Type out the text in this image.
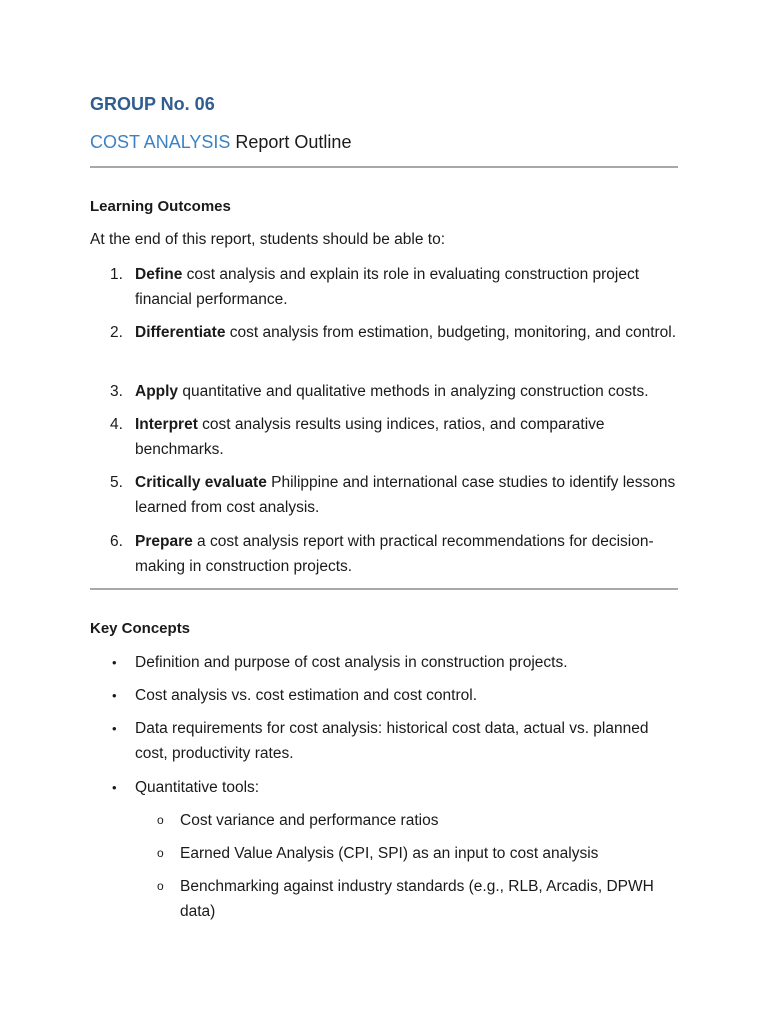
GROUP No. 06
COST ANALYSIS Report Outline
Learning Outcomes
At the end of this report, students should be able to:
1. Define cost analysis and explain its role in evaluating construction project financial performance.
2. Differentiate cost analysis from estimation, budgeting, monitoring, and control.
3. Apply quantitative and qualitative methods in analyzing construction costs.
4. Interpret cost analysis results using indices, ratios, and comparative benchmarks.
5. Critically evaluate Philippine and international case studies to identify lessons learned from cost analysis.
6. Prepare a cost analysis report with practical recommendations for decision-making in construction projects.
Key Concepts
• Definition and purpose of cost analysis in construction projects.
• Cost analysis vs. cost estimation and cost control.
• Data requirements for cost analysis: historical cost data, actual vs. planned cost, productivity rates.
• Quantitative tools:
o Cost variance and performance ratios
o Earned Value Analysis (CPI, SPI) as an input to cost analysis
o Benchmarking against industry standards (e.g., RLB, Arcadis, DPWH data)
